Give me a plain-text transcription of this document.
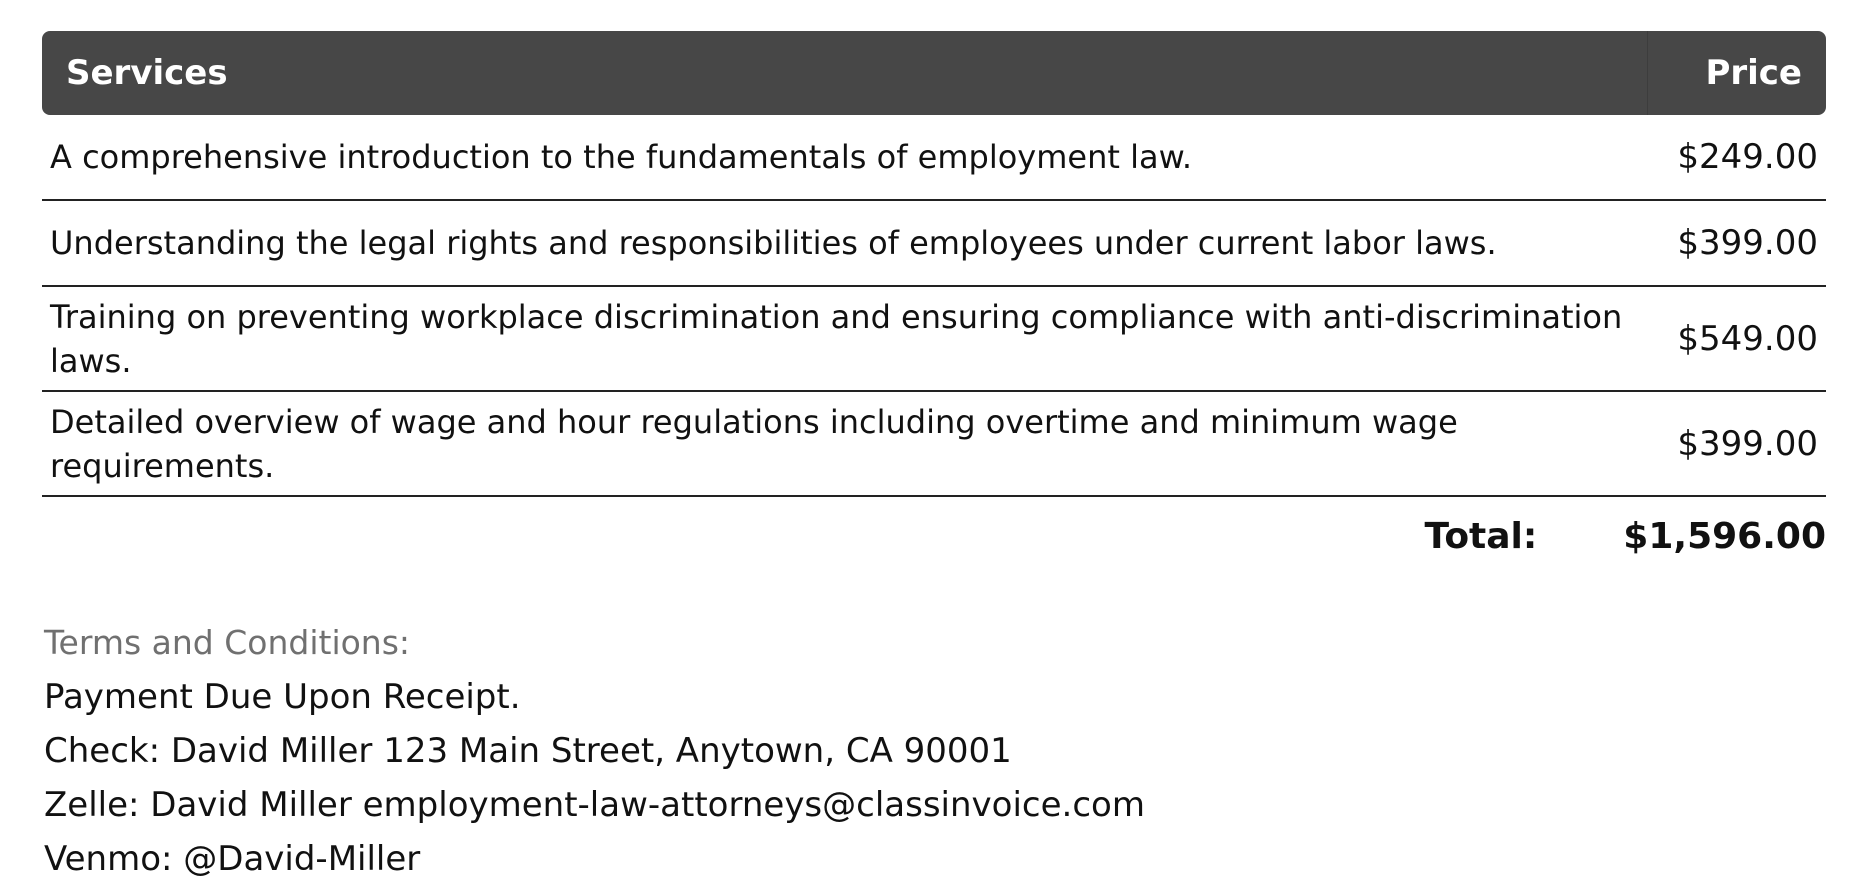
Services	Price
A comprehensive introduction to the fundamentals of employment law.	$249.00
Understanding the legal rights and responsibilities of employees under current labor laws.	$399.00
Training on preventing workplace discrimination and ensuring compliance with anti-discrimination laws.	$549.00
Detailed overview of wage and hour regulations including overtime and minimum wage requirements.	$399.00
Total: $1,596.00
Terms and Conditions:
Payment Due Upon Receipt.
Check: David Miller 123 Main Street, Anytown, CA 90001
Zelle: David Miller employment-law-attorneys@classinvoice.com
Venmo: @David-Miller
